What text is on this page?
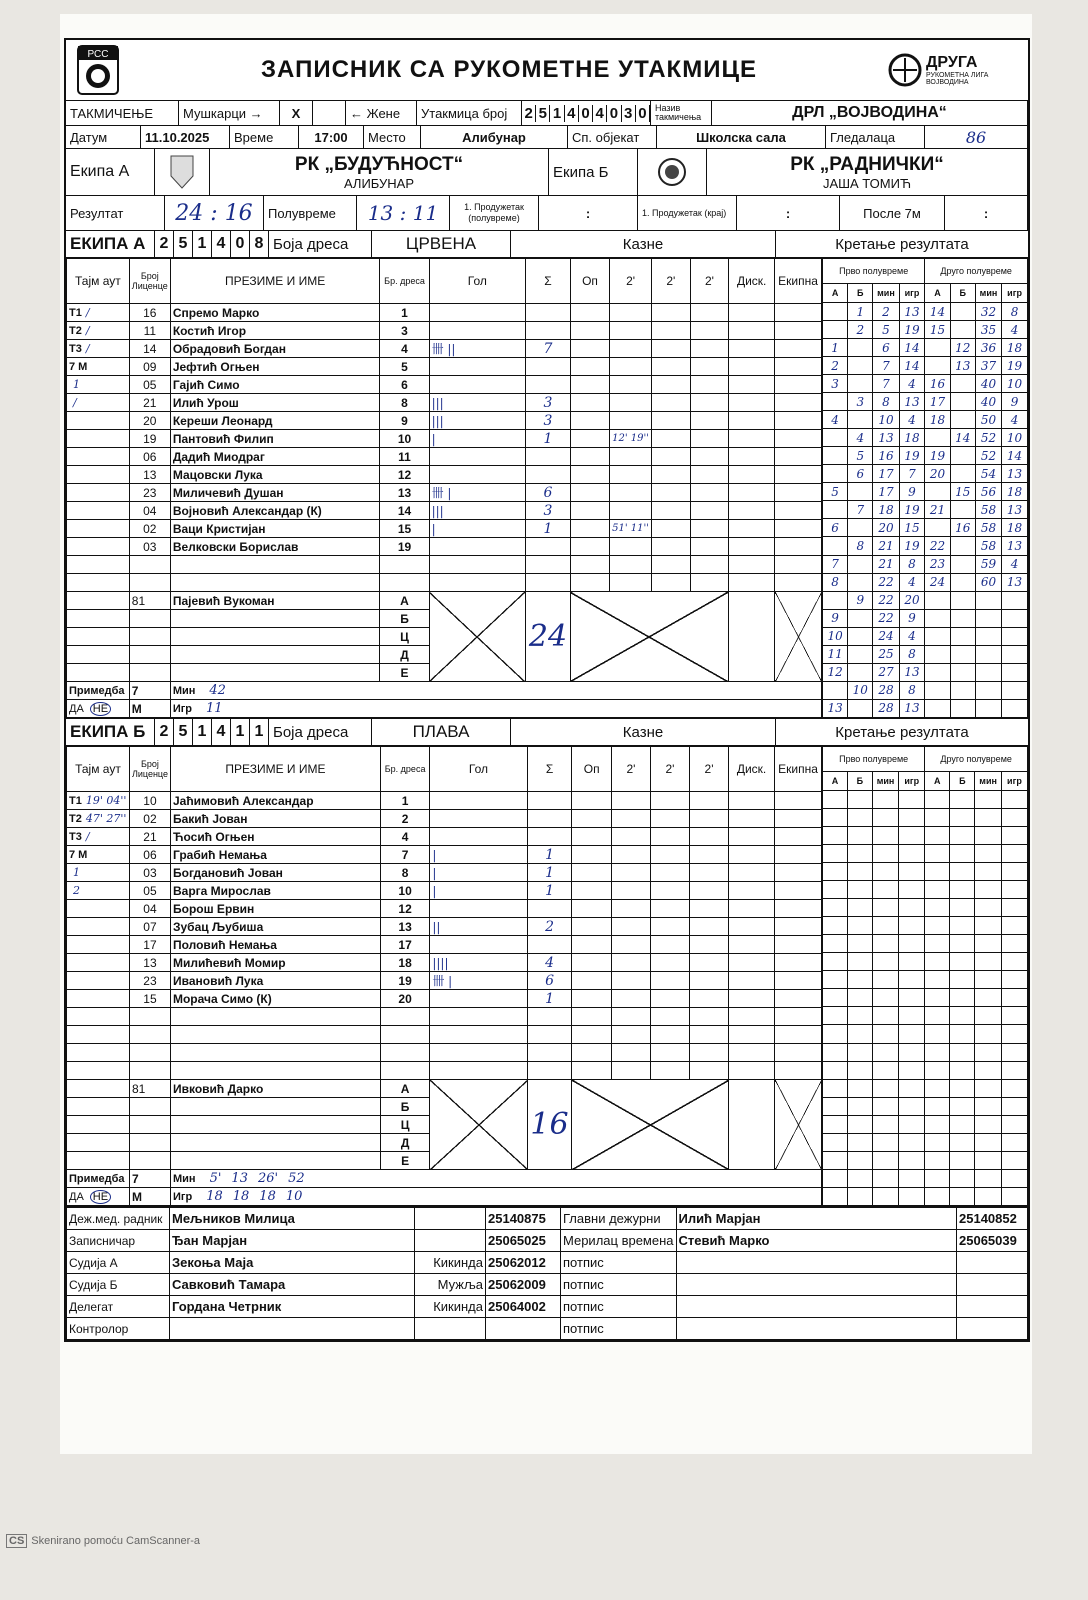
РСС
ЗАПИСНИК СА РУКОМЕТНЕ УТАКМИЦЕ	ДРУГА
РУКОМЕТНА ЛИГА ВОЈВОДИНА
ТАКМИЧЕЊЕ	Мушкарци →	X	← Жене	Утакмица број	2 5 1 4 0 4 0 3 0 Назив такмичења	ДРЛ „ВОЈВОДИНА“
Датум	11.10.2025	Време	17:00	Место	Алибунар	Сп. објекат	Школска сала	Гледалаца	86
Екипа А	РК „БУДУЋНОСТ“
АЛИБУНАР
Екипа Б	РК „РАДНИЧКИ“
ЈАША ТОМИЋ
Резултат	24 : 16	Полувреме	13 : 11	1. Продужетак (полувреме)	:	1. Продужетак (крај)	:	После 7м	:
ЕКИПА А 2 5 1 4 0 8 Боја дреса	ЦРВЕНА	Казне	Кретање резултата
Тајм аут	Број Лиценце	ПРЕЗИМЕ И ИМЕ	Бр. дреса	Гол	Σ	Оп	2'	2'	2'	Диск.	Екипна
T1 /	16	Спремо Марко	1								
T2 /	11	Костић Игор	3								
T3 /	14	Обрадовић Богдан	4	卌 ||	7						
7 M	09	Јефтић Огњен	5								
1	05	Гајић Симо	6								
/	21	Илић Урош	8	|||	3						
	20	Кереши Леонард	9	|||	3						
	19	Пантовић Филип	10	|	1		12' 19''				
	06	Дадић Миодраг	11								
	13	Мацовски Лука	12								
	23	Миличевић Душан	13	卌 |	6						
	04	Војновић Александар (К)	14	|||	3						
	02	Ваци Кристијан	15	|	1		51' 11''				
	03	Велковски Борислав	19								

	81	Пајевић Вукоман	А		24						
			Б								
			Ц								
			Д								
			Е								
Примедба	7	Мин 42									
ДА НЕ	М	Игр 11									
Прво полувреме				Друго полувреме			
А	Б	мин	игр	А	Б	мин	игр
	1	2	13	14		32	8
	2	5	19	15		35	4
1		6	14		12	36	18
2		7	14		13	37	19
3		7	4	16		40	10
	3	8	13	17		40	9
4		10	4	18		50	4
	4	13	18		14	52	10
	5	16	19	19		52	14
	6	17	7	20		54	13
5		17	9		15	56	18
	7	18	19	21		58	13
6		20	15		16	58	18
	8	21	19	22		58	13
7		21	8	23		59	4
8		22	4	24		60	13
	9	22	20				
9		22	9				
10		24	4				
11		25	8				
12		27	13				
	10	28	8				
13		28	13				
ЕКИПА Б 2 5 1 4 1 1 Боја дреса	ПЛАВА	Казне	Кретање резултата
Тајм аут	Број Лиценце	ПРЕЗИМЕ И ИМЕ	Бр. дреса	Гол	Σ	Оп	2'	2'	2'	Диск.	Екипна
T1 19' 04''	10	Јаћимовић Александар	1								
T2 47' 27''	02	Бакић Јован	2								
T3 /	21	Ћосић Огњен	4								
7 M	06	Грабић Немања	7	|	1						
1	03	Богдановић Јован	8	|	1						
2	05	Варга Мирослав	10	|	1						
	04	Борош Ервин	12								
	07	Зубац Љубиша	13	||	2						
	17	Половић Немања	17								
	13	Милићевић Момир	18	||||	4						
	23	Ивановић Лука	19	卌 |	6						
	15	Морача Симо (К)	20		1						

	81	Ивковић Дарко	А		16						
			Б								
			Ц								
			Д								
			Е								
Примедба	7	Мин 5' 13 26' 52									
ДА НЕ	М	Игр 18 18 18 10									
Прво полувреме				Друго полувреме			
А	Б	мин	игр	А	Б	мин	игр

Дeж.мед. радник	Мељников Милица		25140875	Главни дежурни	Илић Марјан	25140852
Записничар	Ђан Марјан		25065025	Мерилац времена	Стевић Марко	25065039
Судија А	Зекоња Маја	Кикинда	25062012	потпис		
Судија Б	Савковић Тамара	Мужља	25062009	потпис		
Делегат	Гордана Четрник	Кикинда	25064002	потпис		
Контролор				потпис		
CS Skenirano pomoću CamScanner-a
